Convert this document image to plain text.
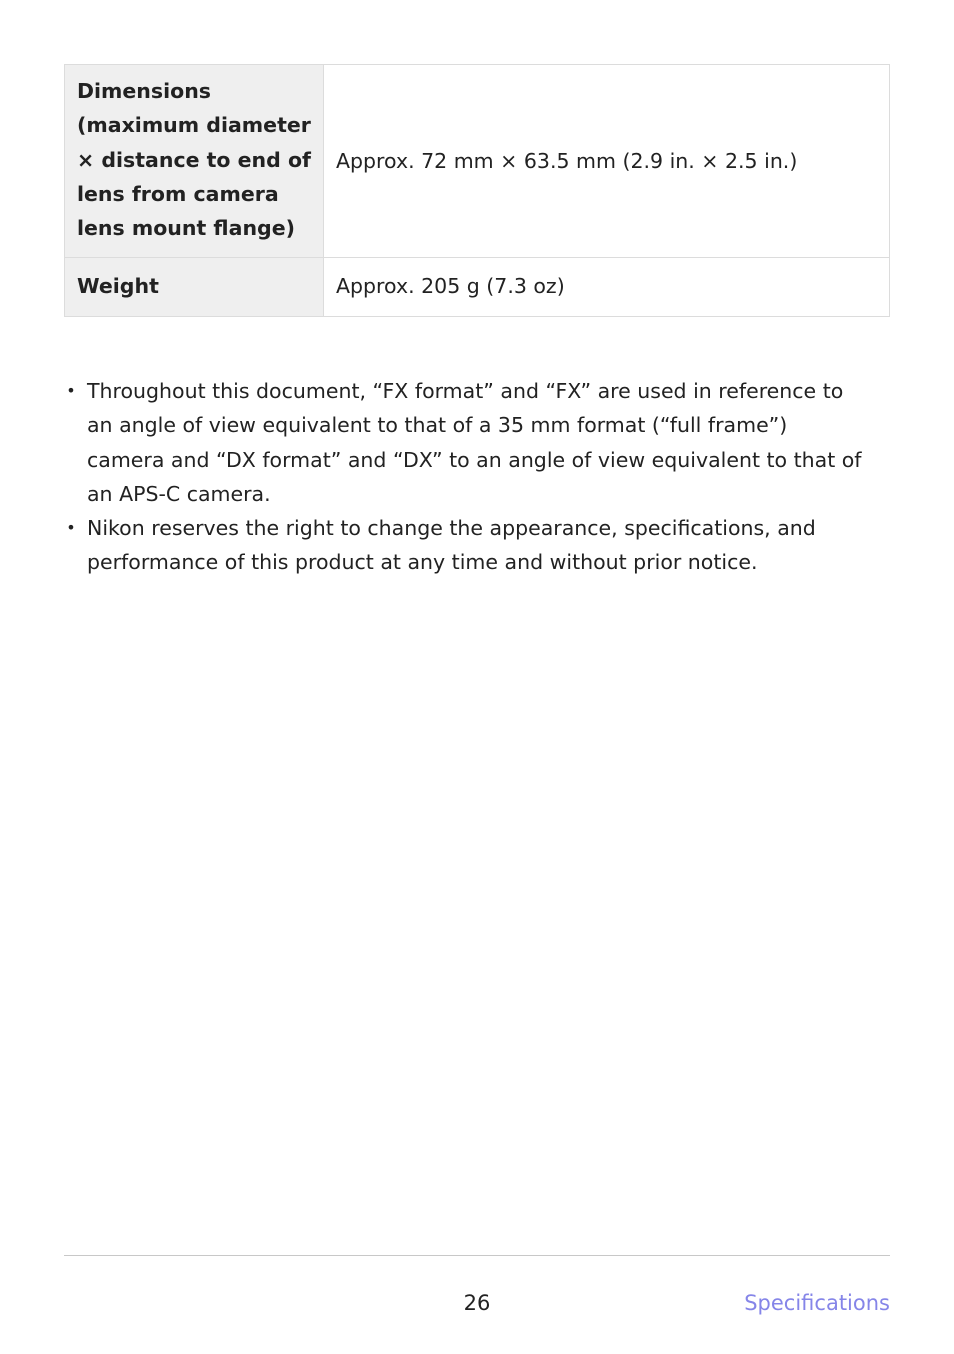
Dimensions (maximum diameter × distance to end of lens from camera lens mount flange)	Approx. 72 mm × 63.5 mm (2.9 in. × 2.5 in.)
Weight	Approx. 205 g (7.3 oz)
• Throughout this document, “FX format” and “FX” are used in reference to an angle of view equivalent to that of a 35 mm format (“full frame”) camera and “DX format” and “DX” to an angle of view equivalent to that of an APS-C camera.
• Nikon reserves the right to change the appearance, specifications, and performance of this product at any time and without prior notice.
26	Specifications
